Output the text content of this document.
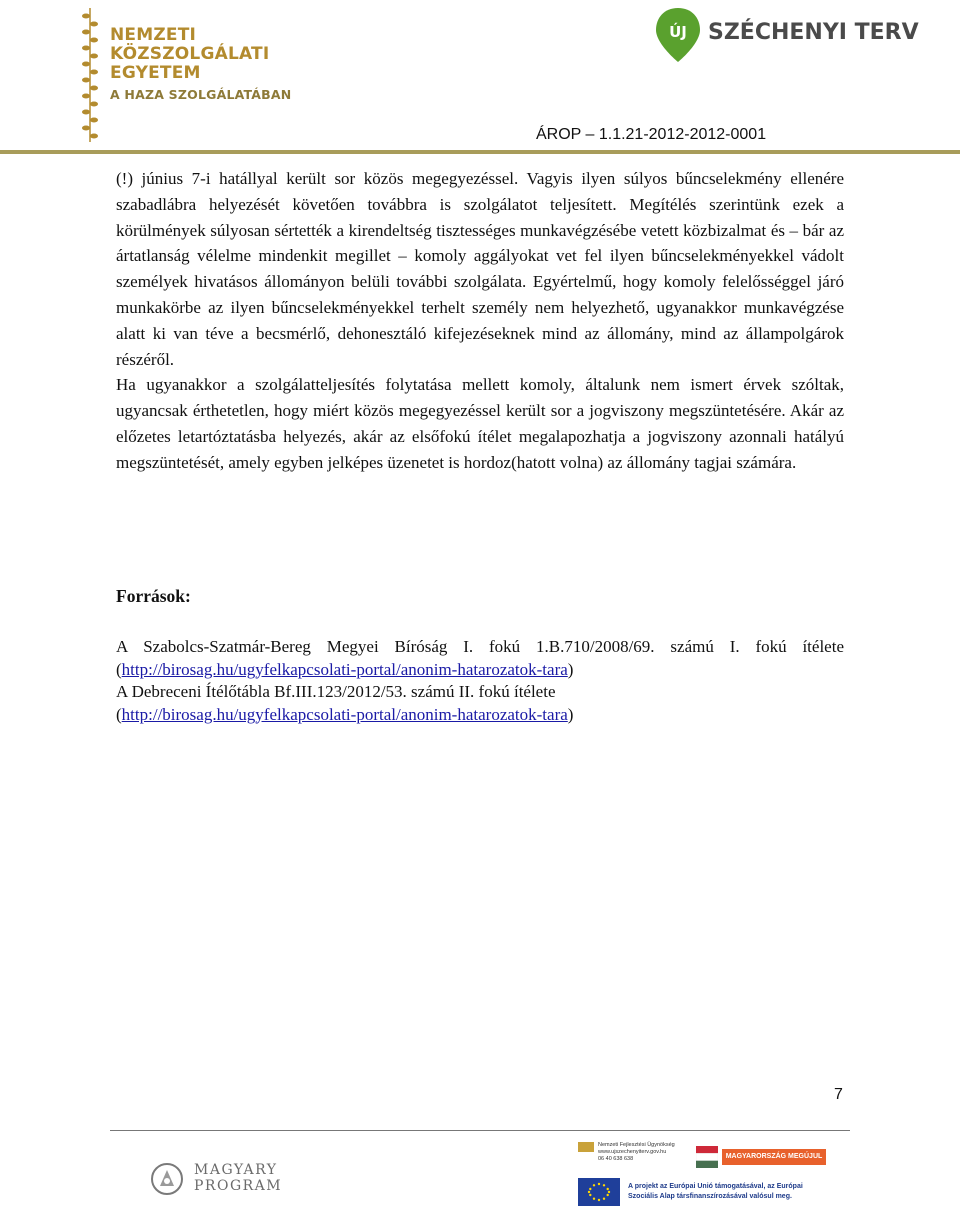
NEMZETI
KÖZSZOLGÁLATI
EGYETEM
A HAZA SZOLGÁLATÁBAN
ÚJ SZÉCHENYI TERV
ÁROP – 1.1.21-2012-2012-0001

(!) június 7-i hatállyal került sor közös megegyezéssel. Vagyis ilyen súlyos bűncselekmény ellenére szabadlábra helyezését követően továbbra is szolgálatot teljesített. Megítélés szerintünk ezek a körülmények súlyosan sértették a kirendeltség tisztességes munkavégzésébe vetett közbizalmat és – bár az ártatlanság vélelme mindenkit megillet – komoly aggályokat vet fel ilyen bűncselekményekkel vádolt személyek hivatásos állományon belüli további szolgálata. Egyértelmű, hogy komoly felelősséggel járó munkakörbe az ilyen bűncselekményekkel terhelt személy nem helyezhető, ugyanakkor munkavégzése alatt ki van téve a becsmérlő, dehonesztáló kifejezéseknek mind az állomány, mind az állampolgárok részéről.

Ha ugyanakkor a szolgálatteljesítés folytatása mellett komoly, általunk nem ismert érvek szóltak, ugyancsak érthetetlen, hogy miért közös megegyezéssel került sor a jogviszony megszüntetésére. Akár az előzetes letartóztatásba helyezés, akár az elsőfokú ítélet megalapozhatja a jogviszony azonnali hatályú megszüntetését, amely egyben jelképes üzenetet is hordoz(hatott volna) az állomány tagjai számára.

Források:

A Szabolcs-Szatmár-Bereg Megyei Bíróság I. fokú 1.B.710/2008/69. számú I. fokú ítélete (http://birosag.hu/ugyfelkapcsolati-portal/anonim-hatarozatok-tara)

A Debreceni Ítélőtábla Bf.III.123/2012/53. számú II. fokú ítélete
(http://birosag.hu/ugyfelkapcsolati-portal/anonim-hatarozatok-tara)

7
MAGYARY
PROGRAM
Nemzeti Fejlesztési Ügynökség
www.ujszechenyiterv.gov.hu
06 40 638 638	MAGYARORSZÁG MEGÚJUL
A projekt az Európai Unió támogatásával, az Európai
Szociális Alap társfinanszírozásával valósul meg.
